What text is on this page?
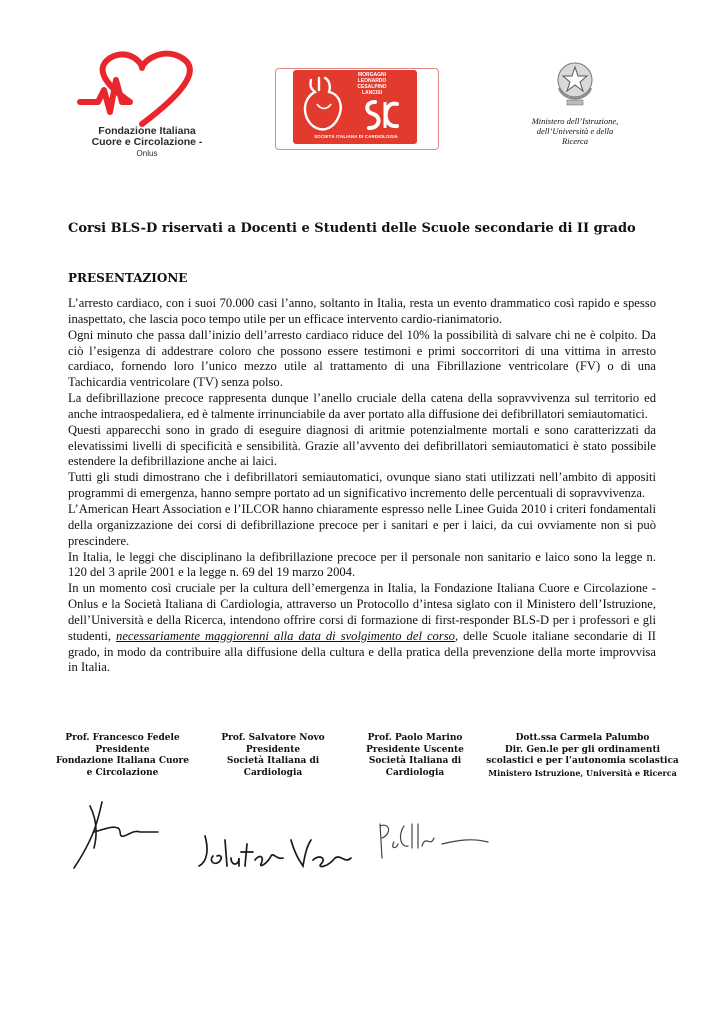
Fondazione Italiana
Cuore e Circolazione - Onlus
MORGAGNI
LEONARDO
CESALPINO
LANCISI
SOCIETÀ ITALIANA DI CARDIOLOGIA
Ministero dell’Istruzione,
dell’Università e della
Ricerca
Corsi BLS-D riservati a Docenti e Studenti delle Scuole secondarie di II grado
PRESENTAZIONE

L’arresto cardiaco, con i suoi 70.000 casi l’anno, soltanto in Italia, resta un evento drammatico così rapido e spesso inaspettato, che lascia poco tempo utile per un efficace intervento cardio-rianimatorio.

Ogni minuto che passa dall’inizio dell’arresto cardiaco riduce del 10% la possibilità di salvare chi ne è colpito. Da ciò l’esigenza di addestrare coloro che possono essere testimoni e primi soccorritori di una vittima in arresto cardiaco, fornendo loro l’unico mezzo utile al trattamento di una Fibrillazione ventricolare (FV) o di una Tachicardia ventricolare (TV) senza polso.

La defibrillazione precoce rappresenta dunque l’anello cruciale della catena della sopravvivenza sul territorio ed anche intraospedaliera, ed è talmente irrinunciabile da aver portato alla diffusione dei defibrillatori semiautomatici.

Questi apparecchi sono in grado di eseguire diagnosi di aritmie potenzialmente mortali e sono caratterizzati da elevatissimi livelli di specificità e sensibilità. Grazie all’avvento dei defibrillatori semiautomatici è stato possibile estendere la defibrillazione anche ai laici.

Tutti gli studi dimostrano che i defibrillatori semiautomatici, ovunque siano stati utilizzati nell’ambito di appositi programmi di emergenza, hanno sempre portato ad un significativo incremento delle percentuali di sopravvivenza.

L’American Heart Association e l’ILCOR hanno chiaramente espresso nelle Linee Guida 2010 i criteri fondamentali della organizzazione dei corsi di defibrillazione precoce per i sanitari e per i laici, da cui ovviamente non si può prescindere.

In Italia, le leggi che disciplinano la defibrillazione precoce per il personale non sanitario e laico sono la legge n. 120 del 3 aprile 2001 e la legge n. 69 del 19 marzo 2004.

In un momento così cruciale per la cultura dell’emergenza in Italia, la Fondazione Italiana Cuore e Circolazione - Onlus e la Società Italiana di Cardiologia, attraverso un Protocollo d’intesa siglato con il Ministero dell’Istruzione, dell’Università e della Ricerca, intendono offrire corsi di formazione di first-responder BLS-D per i professori e gli studenti, necessariamente maggiorenni alla data di svolgimento del corso, delle Scuole italiane secondarie di II grado, in modo da contribuire alla diffusione della cultura e della pratica della prevenzione della morte improvvisa in Italia.

Prof. Francesco Fedele
Presidente
Fondazione Italiana Cuore
e Circolazione
Prof. Salvatore Novo
Presidente
Società Italiana di
Cardiologia
Prof. Paolo Marino
Presidente Uscente
Società Italiana di
Cardiologia
Dott.ssa Carmela Palumbo
Dir. Gen.le per gli ordinamenti
scolastici e per l’autonomia scolastica
Ministero Istruzione, Università e Ricerca
